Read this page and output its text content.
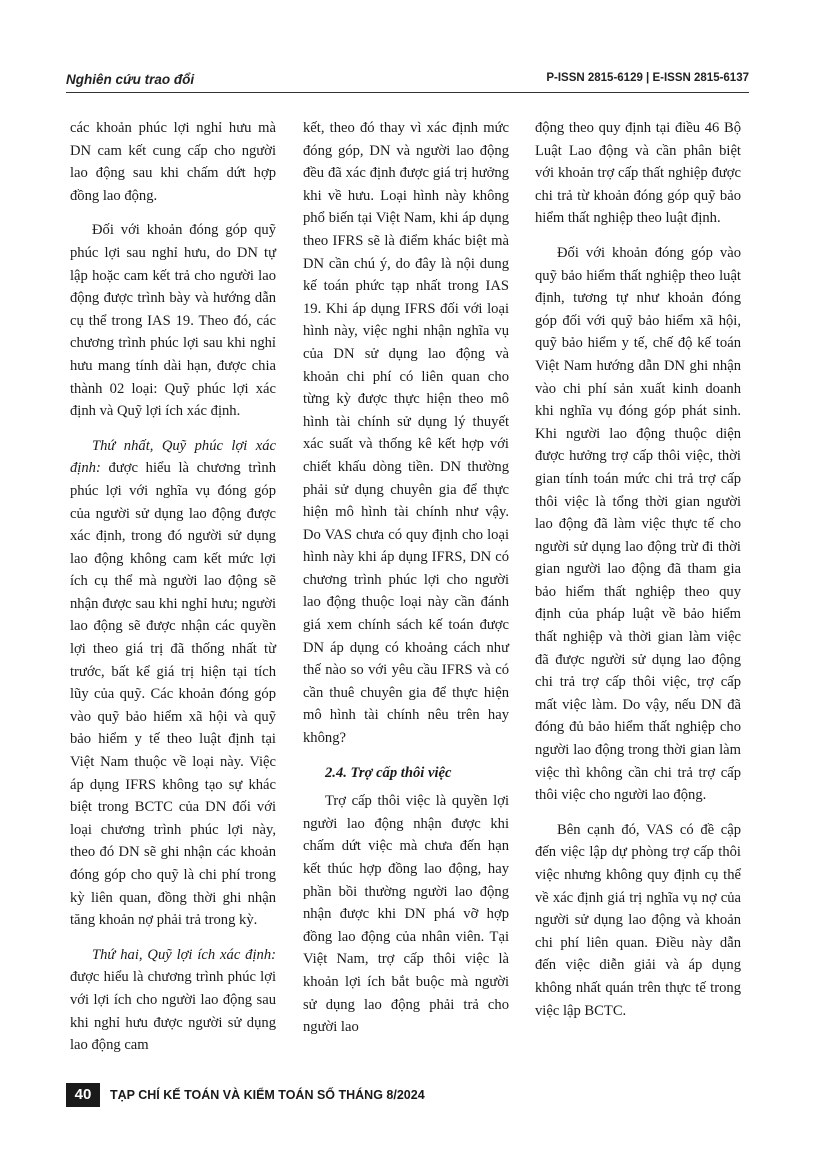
Nghiên cứu trao đổi	P-ISSN 2815-6129 | E-ISSN 2815-6137

các khoản phúc lợi nghỉ hưu mà DN cam kết cung cấp cho người lao động sau khi chấm dứt hợp đồng lao động.

Đối với khoản đóng góp quỹ phúc lợi sau nghỉ hưu, do DN tự lập hoặc cam kết trả cho người lao động được trình bày và hướng dẫn cụ thể trong IAS 19. Theo đó, các chương trình phúc lợi sau khi nghỉ hưu mang tính dài hạn, được chia thành 02 loại: Quỹ phúc lợi xác định và Quỹ lợi ích xác định.

Thứ nhất, Quỹ phúc lợi xác định: được hiểu là chương trình phúc lợi với nghĩa vụ đóng góp của người sử dụng lao động được xác định, trong đó người sử dụng lao động không cam kết mức lợi ích cụ thể mà người lao động sẽ nhận được sau khi nghỉ hưu; người lao động sẽ được nhận các quyền lợi theo giá trị đã thống nhất từ trước, bất kể giá trị hiện tại tích lũy của quỹ. Các khoản đóng góp vào quỹ bảo hiểm xã hội và quỹ bảo hiểm y tế theo luật định tại Việt Nam thuộc về loại này. Việc áp dụng IFRS không tạo sự khác biệt trong BCTC của DN đối với loại chương trình phúc lợi này, theo đó DN sẽ ghi nhận các khoản đóng góp cho quỹ là chi phí trong kỳ liên quan, đồng thời ghi nhận tăng khoản nợ phải trả trong kỳ.

Thứ hai, Quỹ lợi ích xác định: được hiểu là chương trình phúc lợi với lợi ích cho người lao động sau khi nghỉ hưu được người sử dụng lao động cam

kết, theo đó thay vì xác định mức đóng góp, DN và người lao động đều đã xác định được giá trị hưởng khi về hưu. Loại hình này không phổ biến tại Việt Nam, khi áp dụng theo IFRS sẽ là điểm khác biệt mà DN cần chú ý, do đây là nội dung kế toán phức tạp nhất trong IAS 19. Khi áp dụng IFRS đối với loại hình này, việc nghi nhận nghĩa vụ của DN sử dụng lao động và khoản chi phí có liên quan cho từng kỳ được thực hiện theo mô hình tài chính sử dụng lý thuyết xác suất và thống kê kết hợp với chiết khấu dòng tiền. DN thường phải sử dụng chuyên gia để thực hiện mô hình tài chính như vậy. Do VAS chưa có quy định cho loại hình này khi áp dụng IFRS, DN có chương trình phúc lợi cho người lao động thuộc loại này cần đánh giá xem chính sách kế toán được DN áp dụng có khoảng cách như thế nào so với yêu cầu IFRS và có cần thuê chuyên gia để thực hiện mô hình tài chính nêu trên hay không?

2.4. Trợ cấp thôi việc

Trợ cấp thôi việc là quyền lợi người lao động nhận được khi chấm dứt việc mà chưa đến hạn kết thúc hợp đồng lao động, hay phần bồi thường người lao động nhận được khi DN phá vỡ hợp đồng lao động của nhân viên. Tại Việt Nam, trợ cấp thôi việc là khoản lợi ích bắt buộc mà người sử dụng lao động phải trả cho người lao

động theo quy định tại điều 46 Bộ Luật Lao động và cần phân biệt với khoản trợ cấp thất nghiệp được chi trả từ khoản đóng góp quỹ bảo hiểm thất nghiệp theo luật định.

Đối với khoản đóng góp vào quỹ bảo hiểm thất nghiệp theo luật định, tương tự như khoản đóng góp đối với quỹ bảo hiểm xã hội, quỹ bảo hiểm y tế, chế độ kế toán Việt Nam hướng dẫn DN ghi nhận vào chi phí sản xuất kinh doanh khi nghĩa vụ đóng góp phát sinh. Khi người lao động thuộc diện được hưởng trợ cấp thôi việc, thời gian tính toán mức chi trả trợ cấp thôi việc là tổng thời gian người lao động đã làm việc thực tế cho người sử dụng lao động trừ đi thời gian người lao động đã tham gia bảo hiểm thất nghiệp theo quy định của pháp luật về bảo hiểm thất nghiệp và thời gian làm việc đã được người sử dụng lao động chi trả trợ cấp thôi việc, trợ cấp mất việc làm. Do vậy, nếu DN đã đóng đủ bảo hiểm thất nghiệp cho người lao động trong thời gian làm việc thì không cần chi trả trợ cấp thôi việc cho người lao động.

Bên cạnh đó, VAS có đề cập đến việc lập dự phòng trợ cấp thôi việc nhưng không quy định cụ thể về xác định giá trị nghĩa vụ nợ của người sử dụng lao động và khoản chi phí liên quan. Điều này dẫn đến việc diễn giải và áp dụng không nhất quán trên thực tế trong việc lập BCTC.

40	TẠP CHÍ KẾ TOÁN VÀ KIỂM TOÁN SỐ THÁNG 8/2024
